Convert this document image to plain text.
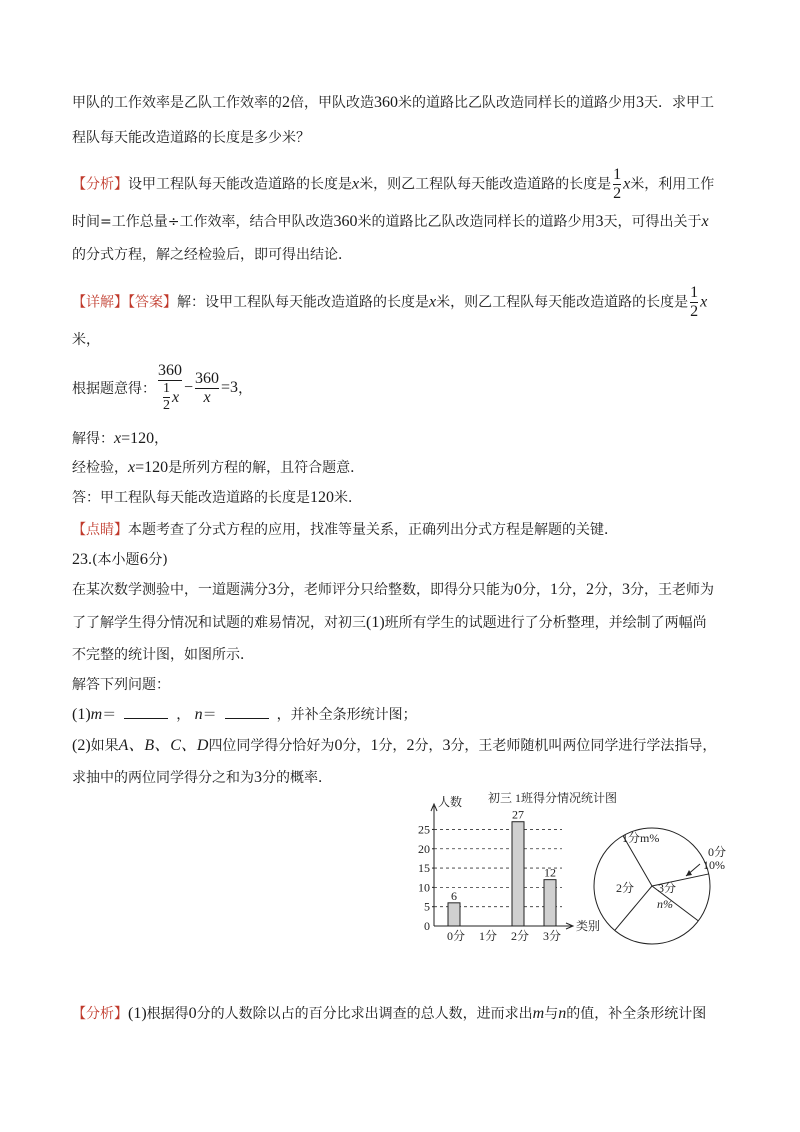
甲队的工作效率是乙队工作效率的2倍，甲队改造360米的道路比乙队改造同样长的道路少用3天．求甲工
程队每天能改造道路的长度是多少米？
【分析】设甲工程队每天能改造道路的长度是x米，则乙工程队每天能改造道路的长度是 $\frac{1}{2}$ x米，利用工作
时间=工作总量÷工作效率，结合甲队改造360米的道路比乙队改造同样长的道路少用3天，可得出关于x
的分式方程，解之经检验后，即可得出结论．
【详解】【答案】解：设甲工程队每天能改造道路的长度是x米，则乙工程队每天能改造道路的长度是 $\frac{1}{2}$ x
米，
根据题意得： $\frac{360}{\frac{1}{2} x} - \frac{360}{x} =3$ ，
解得：x=120，
经检验，x=120是所列方程的解，且符合题意．
答：甲工程队每天能改造道路的长度是120米．
【点睛】本题考查了分式方程的应用，找准等量关系，正确列出分式方程是解题的关键．
23.(本小题6分)
在某次数学测验中，一道题满分3分，老师评分只给整数，即得分只能为0分，1分，2分，3分，王老师为
了了解学生得分情况和试题的难易情况，对初三(1)班所有学生的试题进行了分析整理，并绘制了两幅尚
不完整的统计图，如图所示．
解答下列问题：
(1)m＝	， n＝	，并补全条形统计图；
(2)如果A、B、C、D四位同学得分恰好为0分，1分，2分，3分，王老师随机叫两位同学进行学法指导，
求抽中的两位同学得分之和为3分的概率．
初三 1班得分情况统计图
人数
0
5
10
15
20
25
0分
6
1分 2分
27
3分
12
类别
1分m%
2分 3分
n%
0分
10%
【分析】(1)根据得0分的人数除以占的百分比求出调查的总人数，进而求出m与n的值，补全条形统计图
